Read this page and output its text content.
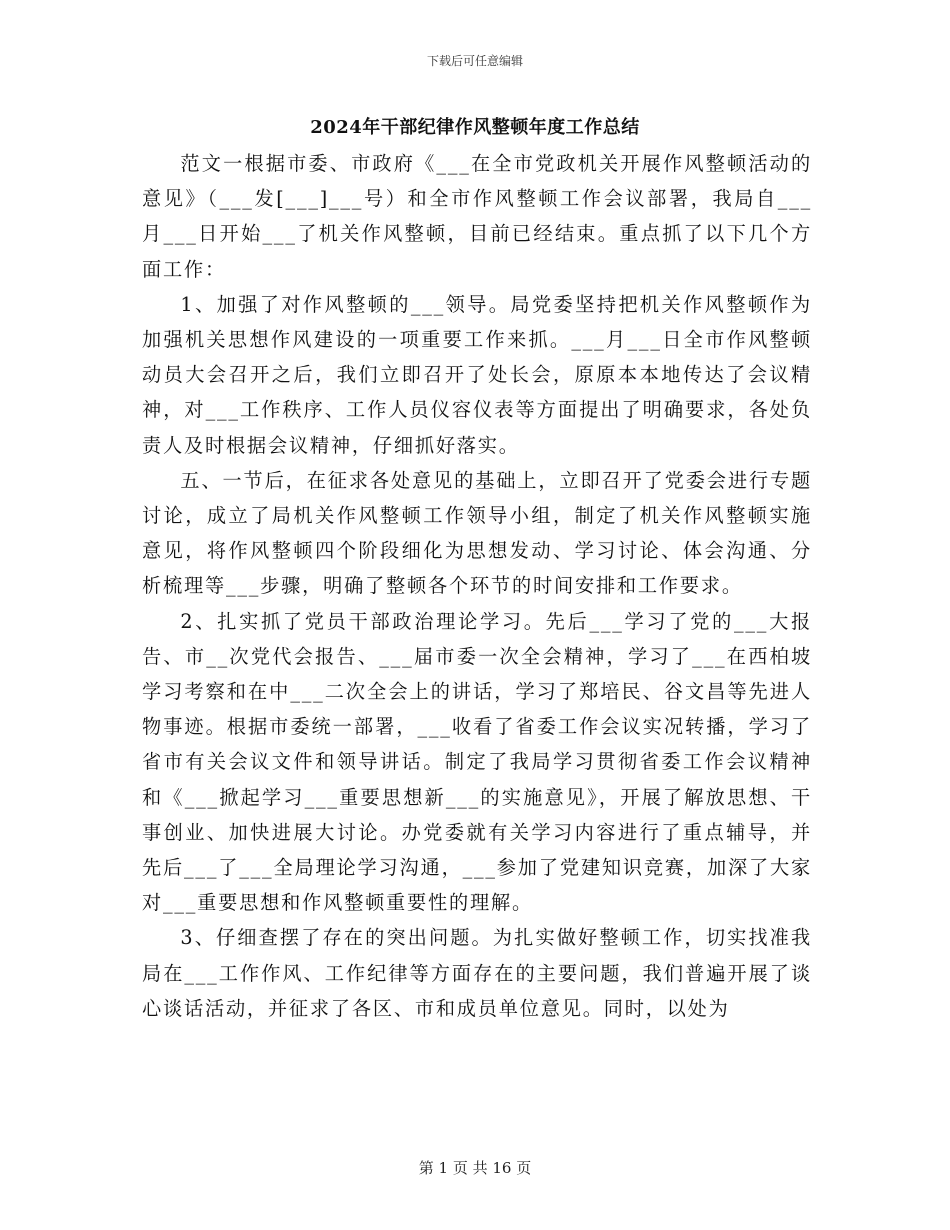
下载后可任意编辑
2024年干部纪律作风整顿年度工作总结

范文一根据市委、市政府《___在全市党政机关开展作风整顿活动的意见》（___发[___]___号）和全市作风整顿工作会议部署，我局自___月___日开始___了机关作风整顿，目前已经结束。重点抓了以下几个方面工作：

1、加强了对作风整顿的___领导。局党委坚持把机关作风整顿作为加强机关思想作风建设的一项重要工作来抓。___月___日全市作风整顿动员大会召开之后，我们立即召开了处长会，原原本本地传达了会议精神，对___工作秩序、工作人员仪容仪表等方面提出了明确要求，各处负责人及时根据会议精神，仔细抓好落实。

五、一节后，在征求各处意见的基础上，立即召开了党委会进行专题讨论，成立了局机关作风整顿工作领导小组，制定了机关作风整顿实施意见，将作风整顿四个阶段细化为思想发动、学习讨论、体会沟通、分析梳理等___步骤，明确了整顿各个环节的时间安排和工作要求。

2、扎实抓了党员干部政治理论学习。先后___学习了党的___大报告、市__次党代会报告、___届市委一次全会精神，学习了___在西柏坡学习考察和在中___二次全会上的讲话，学习了郑培民、谷文昌等先进人物事迹。根据市委统一部署，___收看了省委工作会议实况转播，学习了省市有关会议文件和领导讲话。制定了我局学习贯彻省委工作会议精神和《___掀起学习___重要思想新___的实施意见》，开展了解放思想、干事创业、加快进展大讨论。办党委就有关学习内容进行了重点辅导，并先后___了___全局理论学习沟通，___参加了党建知识竞赛，加深了大家对___重要思想和作风整顿重要性的理解。

3、仔细查摆了存在的突出问题。为扎实做好整顿工作，切实找准我局在___工作作风、工作纪律等方面存在的主要问题，我们普遍开展了谈心谈话活动，并征求了各区、市和成员单位意见。同时，以处为

第 1 页 共 16 页
